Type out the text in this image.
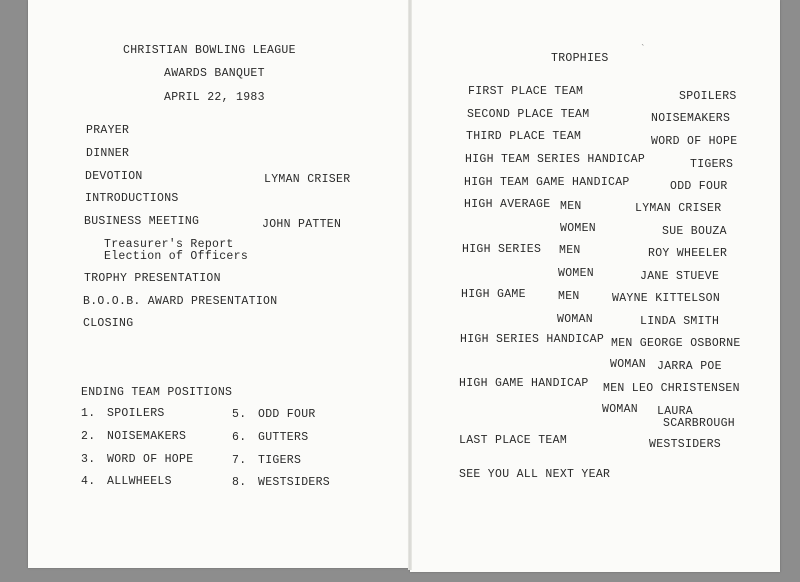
`
CHRISTIAN BOWLING LEAGUE
AWARDS BANQUET
APRIL 22, 1983
PRAYER
DINNER
DEVOTION	LYMAN CRISER
INTRODUCTIONS
BUSINESS MEETING	JOHN PATTEN
Treasurer's Report
Election of Officers
TROPHY PRESENTATION
B.O.O.B. AWARD PRESENTATION
CLOSING
ENDING TEAM POSITIONS
1. SPOILERS
2. NOISEMAKERS
3. WORD OF HOPE
4. ALLWHEELS
5. ODD FOUR
6. GUTTERS
7. TIGERS
8. WESTSIDERS
TROPHIES
FIRST PLACE TEAM	SPOILERS
SECOND PLACE TEAM	NOISEMAKERS
THIRD PLACE TEAM	WORD OF HOPE
HIGH TEAM SERIES HANDICAP	TIGERS
HIGH TEAM GAME HANDICAP	ODD FOUR
HIGH AVERAGE MEN	LYMAN CRISER
WOMEN	SUE BOUZA
HIGH SERIES MEN	ROY WHEELER
WOMEN	JANE STUEVE
HIGH GAME	MEN	WAYNE KITTELSON
WOMAN	LINDA SMITH
HIGH SERIES HANDICAP MEN GEORGE OSBORNE
WOMAN JARRA POE
HIGH GAME HANDICAP MEN LEO CHRISTENSEN
WOMAN LAURA
SCARBROUGH
LAST PLACE TEAM	WESTSIDERS
SEE YOU ALL NEXT YEAR
